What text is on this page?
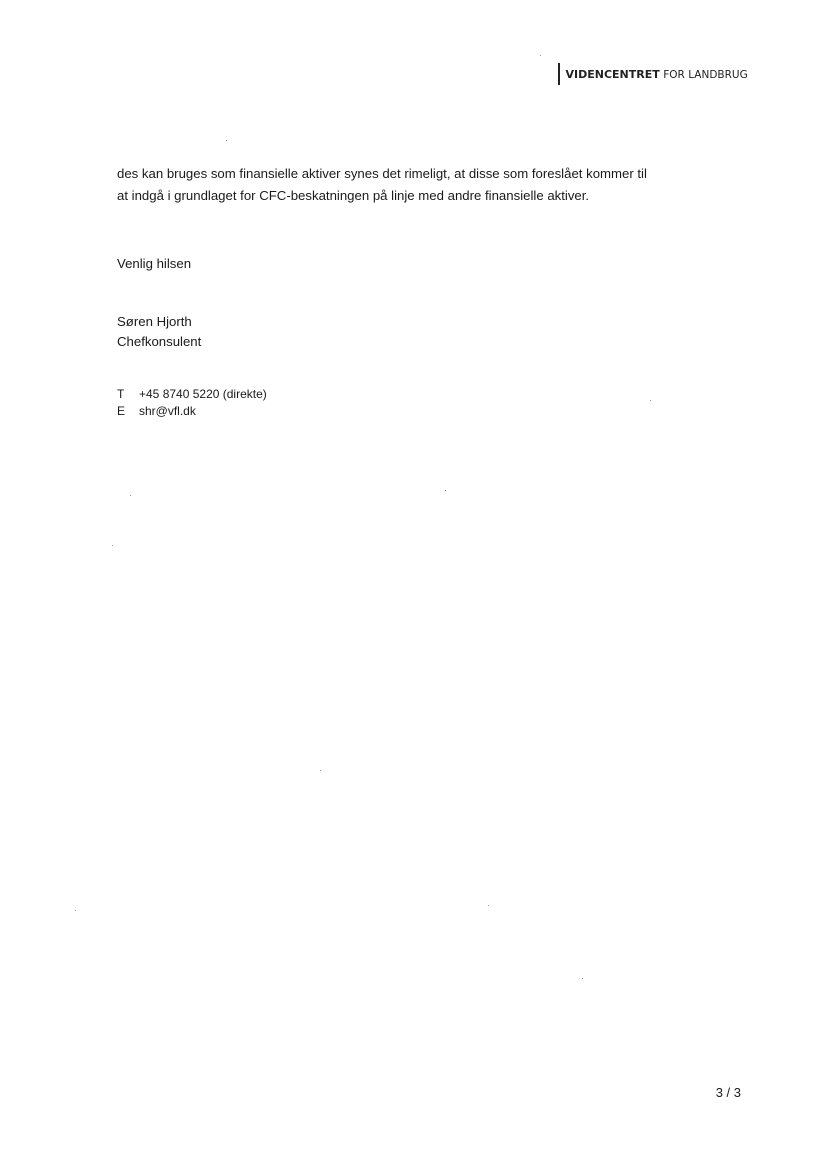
VIDENCENTRET FOR LANDBRUG

des kan bruges som finansielle aktiver synes det rimeligt, at disse som foreslået kommer til

at indgå i grundlaget for CFC-beskatningen på linje med andre finansielle aktiver.

Venlig hilsen
Søren Hjorth
Chefkonsulent
T	+45 8740 5220 (direkte)
E	shr@vfl.dk
3 / 3
